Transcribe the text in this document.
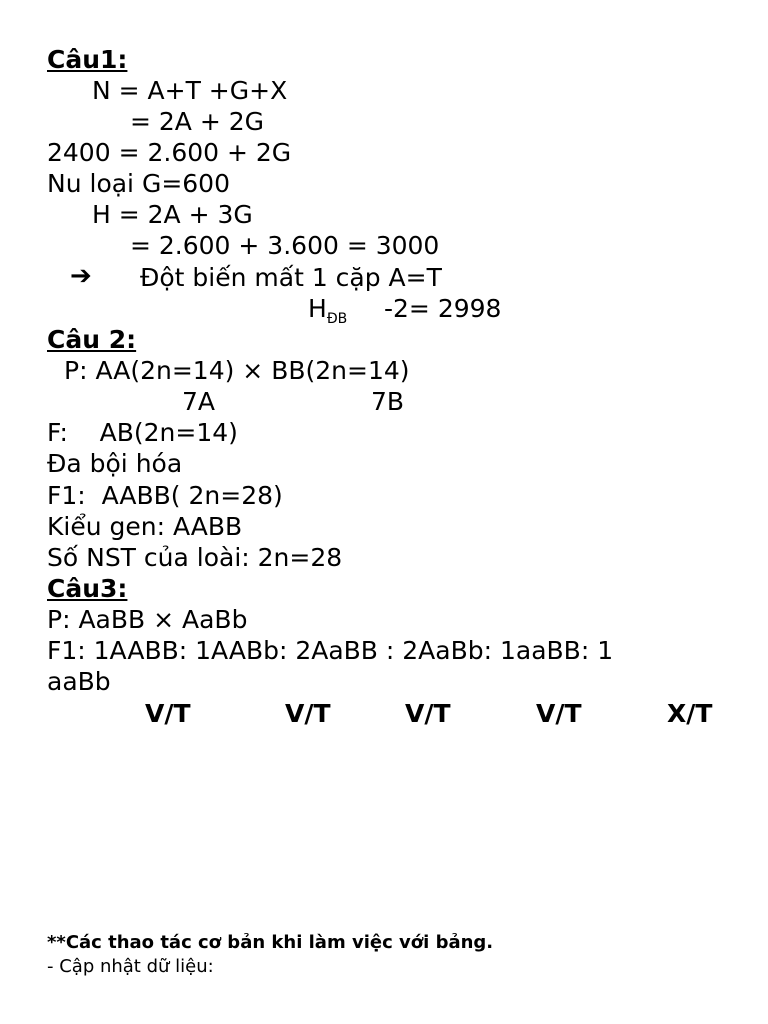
Câu1:
N = A+T +G+X
= 2A + 2G
2400 = 2.600 + 2G
Nu loại G=600
H = 2A + 3G
= 2.600 + 3.600 = 3000
➔ Đột biến mất 1 cặp A=T
$H_{ĐB}$ -2= 2998
Câu 2:
P: AA(2n=14) × BB(2n=14)
7A	7B
F:    AB(2n=14)
Đa bội hóa
F1:  AABB( 2n=28)
Kiểu gen: AABB
Số NST của loài: 2n=28
Câu3:
P: AaBB × AaBb
F1: 1AABB: 1AABb: 2AaBB : 2AaBb: 1aaBB: 1
aaBb
V/T	V/T	V/T	V/T	X/T
**Các thao tác cơ bản khi làm việc với bảng.
- Cập nhật dữ liệu:
